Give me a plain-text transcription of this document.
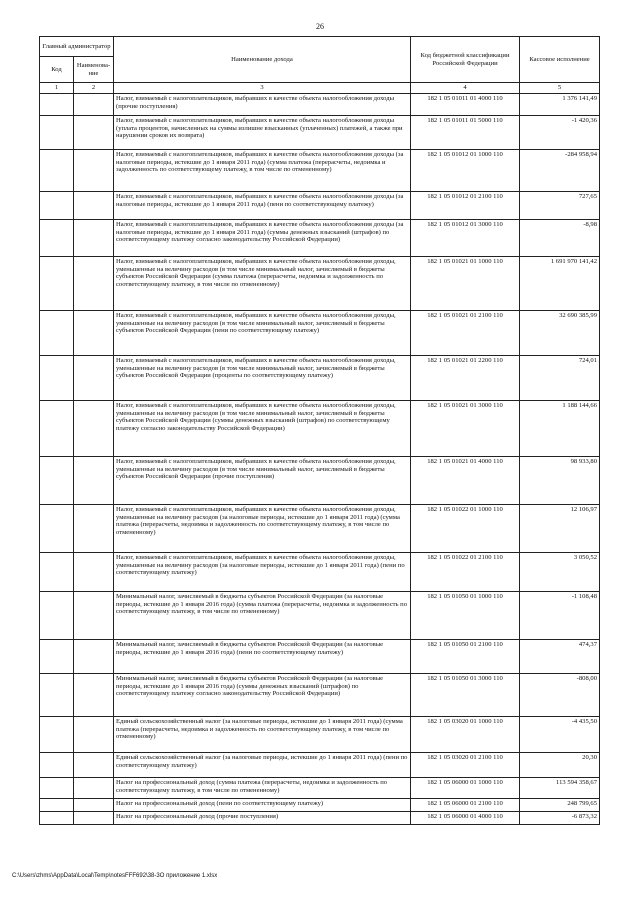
26
Главный администратор		Наименование дохода	Код бюджетной классификации Российской Федерации	Кассовое исполнение
Код	Наименова-ние			
1	2	3	4	5
		Налог, взимаемый с налогоплательщиков, выбравших в качестве объекта налогообложения доходы (прочие поступления)	182 1 05 01011 01 4000 110	1 376 141,49
		Налог, взимаемый с налогоплательщиков, выбравших в качестве объекта налогообложения доходы (уплата процентов, начисленных на суммы излишне взысканных (уплаченных) платежей, а также при нарушении сроков их возврата)	182 1 05 01011 01 5000 110	-1 420,36
		Налог, взимаемый с налогоплательщиков, выбравших в качестве объекта налогообложения доходы (за налоговые периоды, истекшие до 1 января 2011 года) (сумма платежа (перерасчеты, недоимка и задолженность по соответствующему платежу, в том числе по отмененному)	182 1 05 01012 01 1000 110	-284 958,94
		Налог, взимаемый с налогоплательщиков, выбравших в качестве объекта налогообложения доходы (за налоговые периоды, истекшие до 1 января 2011 года) (пени по соответствующему платежу)	182 1 05 01012 01 2100 110	727,65
		Налог, взимаемый с налогоплательщиков, выбравших в качестве объекта налогообложения доходы (за налоговые периоды, истекшие до 1 января 2011 года) (суммы денежных взысканий (штрафов) по соответствующему платежу согласно законодательству Российской Федерации)	182 1 05 01012 01 3000 110	-8,98
		Налог, взимаемый с налогоплательщиков, выбравших в качестве объекта налогообложения доходы, уменьшенные на величину расходов (в том числе минимальный налог, зачисляемый в бюджеты субъектов Российской Федерации (сумма платежа (перерасчеты, недоимка и задолженность по соответствующему платежу, в том числе по отмененному)	182 1 05 01021 01 1000 110	1 691 970 141,42
		Налог, взимаемый с налогоплательщиков, выбравших в качестве объекта налогообложения доходы, уменьшенные на величину расходов (в том числе минимальный налог, зачисляемый в бюджеты субъектов Российской Федерации (пени по соответствующему платежу)	182 1 05 01021 01 2100 110	32 690 385,99
		Налог, взимаемый с налогоплательщиков, выбравших в качестве объекта налогообложения доходы, уменьшенные на величину расходов (в том числе минимальный налог, зачисляемый в бюджеты субъектов Российской Федерации (проценты по соответствующему платежу)	182 1 05 01021 01 2200 110	724,01
		Налог, взимаемый с налогоплательщиков, выбравших в качестве объекта налогообложения доходы, уменьшенные на величину расходов (в том числе минимальный налог, зачисляемый в бюджеты субъектов Российской Федерации (суммы денежных взысканий (штрафов) по соответствующему платежу согласно законодательству Российской Федерации)	182 1 05 01021 01 3000 110	1 188 144,66
		Налог, взимаемый с налогоплательщиков, выбравших в качестве объекта налогообложения доходы, уменьшенные на величину расходов (в том числе минимальный налог, зачисляемый в бюджеты субъектов Российской Федерации (прочие поступления)	182 1 05 01021 01 4000 110	98 933,80
		Налог, взимаемый с налогоплательщиков, выбравших в качестве объекта налогообложения доходы, уменьшенные на величину расходов (за налоговые периоды, истекшие до 1 января 2011 года) (сумма платежа (перерасчеты, недоимка и задолженность по соответствующему платежу, в том числе по отмененному)	182 1 05 01022 01 1000 110	12 106,97
		Налог, взимаемый с налогоплательщиков, выбравших в качестве объекта налогообложения доходы, уменьшенные на величину расходов (за налоговые периоды, истекшие до 1 января 2011 года) (пени по соответствующему платежу)	182 1 05 01022 01 2100 110	3 050,52
		Минимальный налог, зачисляемый в бюджеты субъектов Российской Федерации (за налоговые периоды, истекшие до 1 января 2016 года) (сумма платежа (перерасчеты, недоимка и задолженность по соответствующему платежу, в том числе по отмененному)	182 1 05 01050 01 1000 110	-1 108,48
		Минимальный налог, зачисляемый в бюджеты субъектов Российской Федерации (за налоговые периоды, истекшие до 1 января 2016 года) (пени по соответствующему платежу)	182 1 05 01050 01 2100 110	474,37
		Минимальный налог, зачисляемый в бюджеты субъектов Российской Федерации (за налоговые периоды, истекшие до 1 января 2016 года) (суммы денежных взысканий (штрафов) по соответствующему платежу согласно законодательству Российской Федерации)	182 1 05 01050 01 3000 110	-808,00
		Единый сельскохозяйственный налог (за налоговые периоды, истекшие до 1 января 2011 года) (сумма платежа (перерасчеты, недоимка и задолженность по соответствующему платежу, в том числе по отмененному)	182 1 05 03020 01 1000 110	-4 435,50
		Единый сельскохозяйственный налог (за налоговые периоды, истекшие до 1 января 2011 года) (пени по соответствующему платежу)	182 1 05 03020 01 2100 110	20,30
		Налог на профессиональный доход (сумма платежа (перерасчеты, недоимка и задолженность по соответствующему платежу, в том числе по отмененному)	182 1 05 06000 01 1000 110	113 594 358,67
		Налог на профессиональный доход (пени по соответствующему платежу)	182 1 05 06000 01 2100 110	248 799,65
		Налог на профессиональный доход (прочие поступления)	182 1 05 06000 01 4000 110	-6 873,32
C:\Users\zhms\AppData\Local\Temp\notesFFF692\38-3O приложение 1.xlsx
